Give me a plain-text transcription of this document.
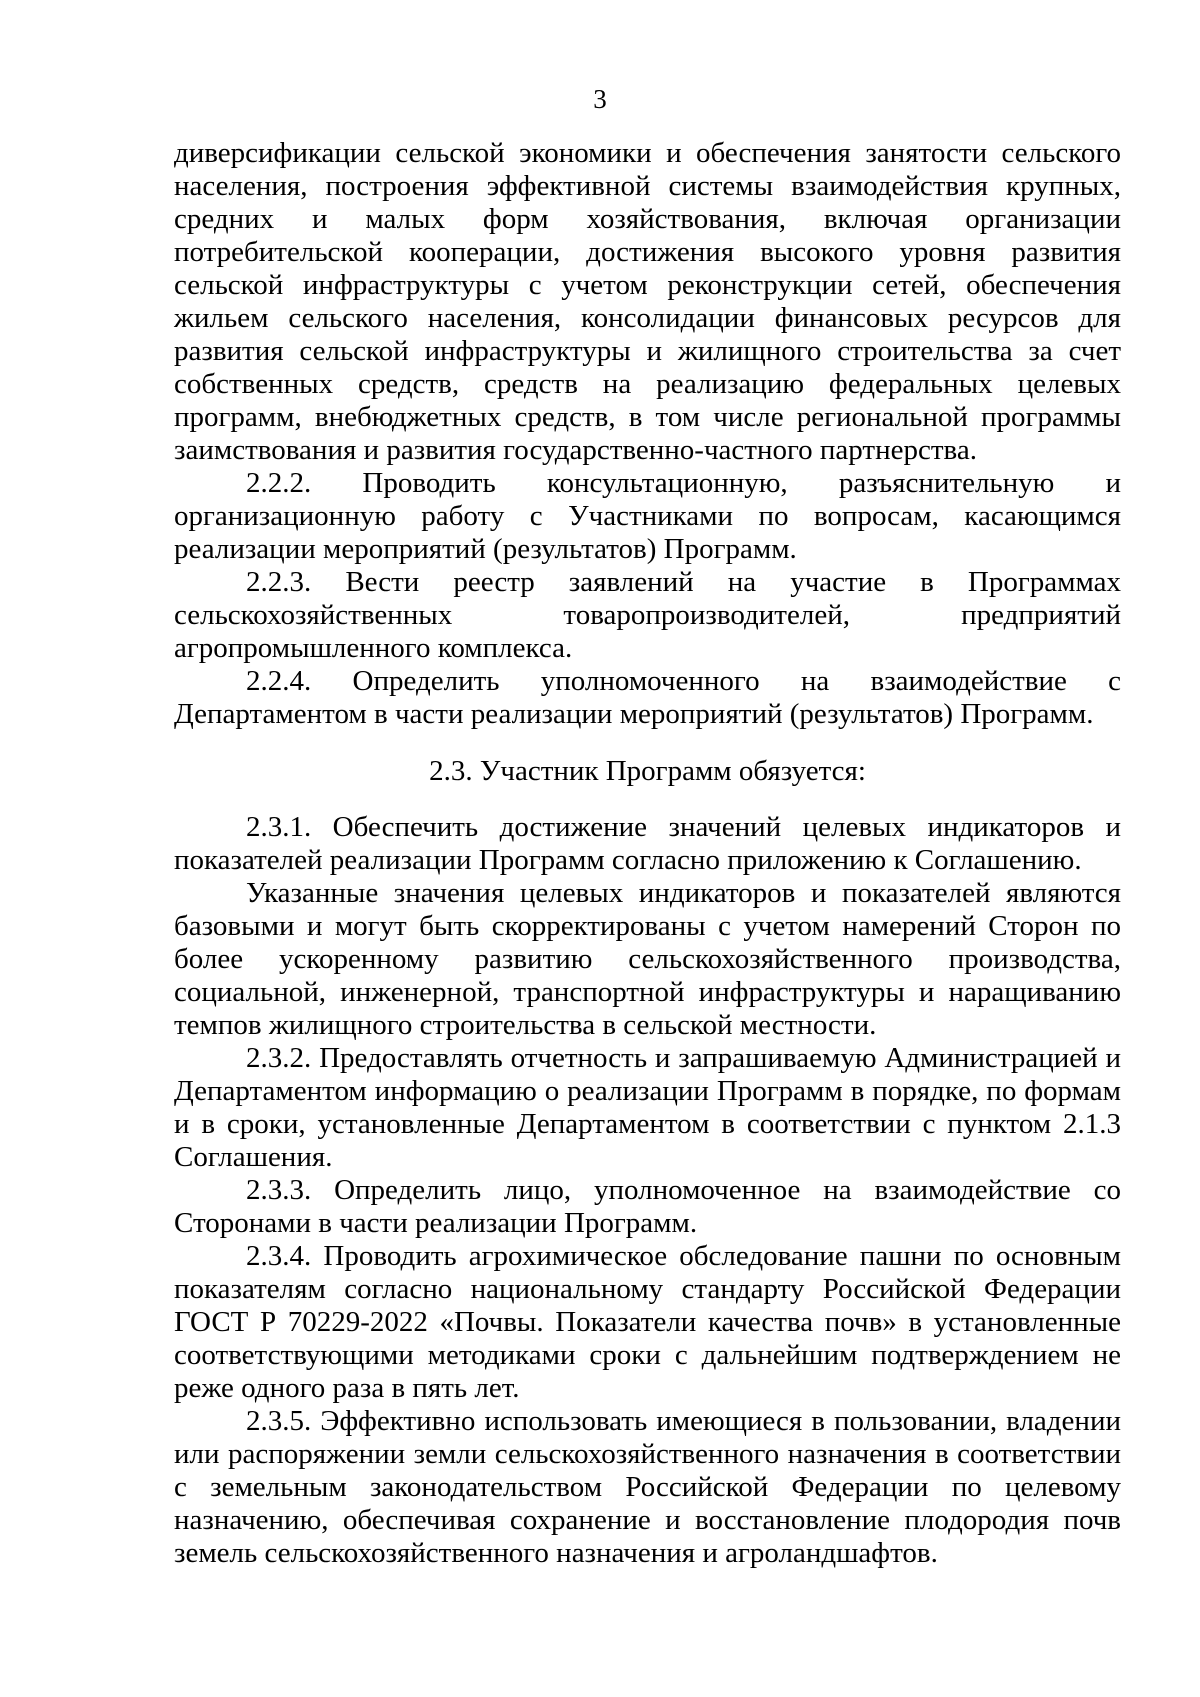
3

диверсификации сельской экономики и обеспечения занятости сельского населения, построения эффективной системы взаимодействия крупных, средних и малых форм хозяйствования, включая организации потребительской кооперации, достижения высокого уровня развития сельской инфраструктуры с учетом реконструкции сетей, обеспечения жильем сельского населения, консолидации финансовых ресурсов для развития сельской инфраструктуры и жилищного строительства за счет собственных средств, средств на реализацию федеральных целевых программ, внебюджетных средств, в том числе региональной программы заимствования и развития государственно-частного партнерства.

2.2.2. Проводить консультационную, разъяснительную и организационную работу с Участниками по вопросам, касающимся реализации мероприятий (результатов) Программ.

2.2.3. Вести реестр заявлений на участие в Программах сельскохозяйственных товаропроизводителей, предприятий агропромышленного комплекса.

2.2.4. Определить уполномоченного на взаимодействие с Департаментом в части реализации мероприятий (результатов) Программ.

2.3. Участник Программ обязуется:

2.3.1. Обеспечить достижение значений целевых индикаторов и показателей реализации Программ согласно приложению к Соглашению.

Указанные значения целевых индикаторов и показателей являются базовыми и могут быть скорректированы с учетом намерений Сторон по более ускоренному развитию сельскохозяйственного производства, социальной, инженерной, транспортной инфраструктуры и наращиванию темпов жилищного строительства в сельской местности.

2.3.2. Предоставлять отчетность и запрашиваемую Администрацией и Департаментом информацию о реализации Программ в порядке, по формам и в сроки, установленные Департаментом в соответствии с пунктом 2.1.3 Соглашения.

2.3.3. Определить лицо, уполномоченное на взаимодействие со Сторонами в части реализации Программ.

2.3.4. Проводить агрохимическое обследование пашни по основным показателям согласно национальному стандарту Российской Федерации ГОСТ Р 70229-2022 «Почвы. Показатели качества почв» в установленные соответствующими методиками сроки с дальнейшим подтверждением не реже одного раза в пять лет.

2.3.5. Эффективно использовать имеющиеся в пользовании, владении или распоряжении земли сельскохозяйственного назначения в соответствии с земельным законодательством Российской Федерации по целевому назначению, обеспечивая сохранение и восстановление плодородия почв земель сельскохозяйственного назначения и агроландшафтов.
